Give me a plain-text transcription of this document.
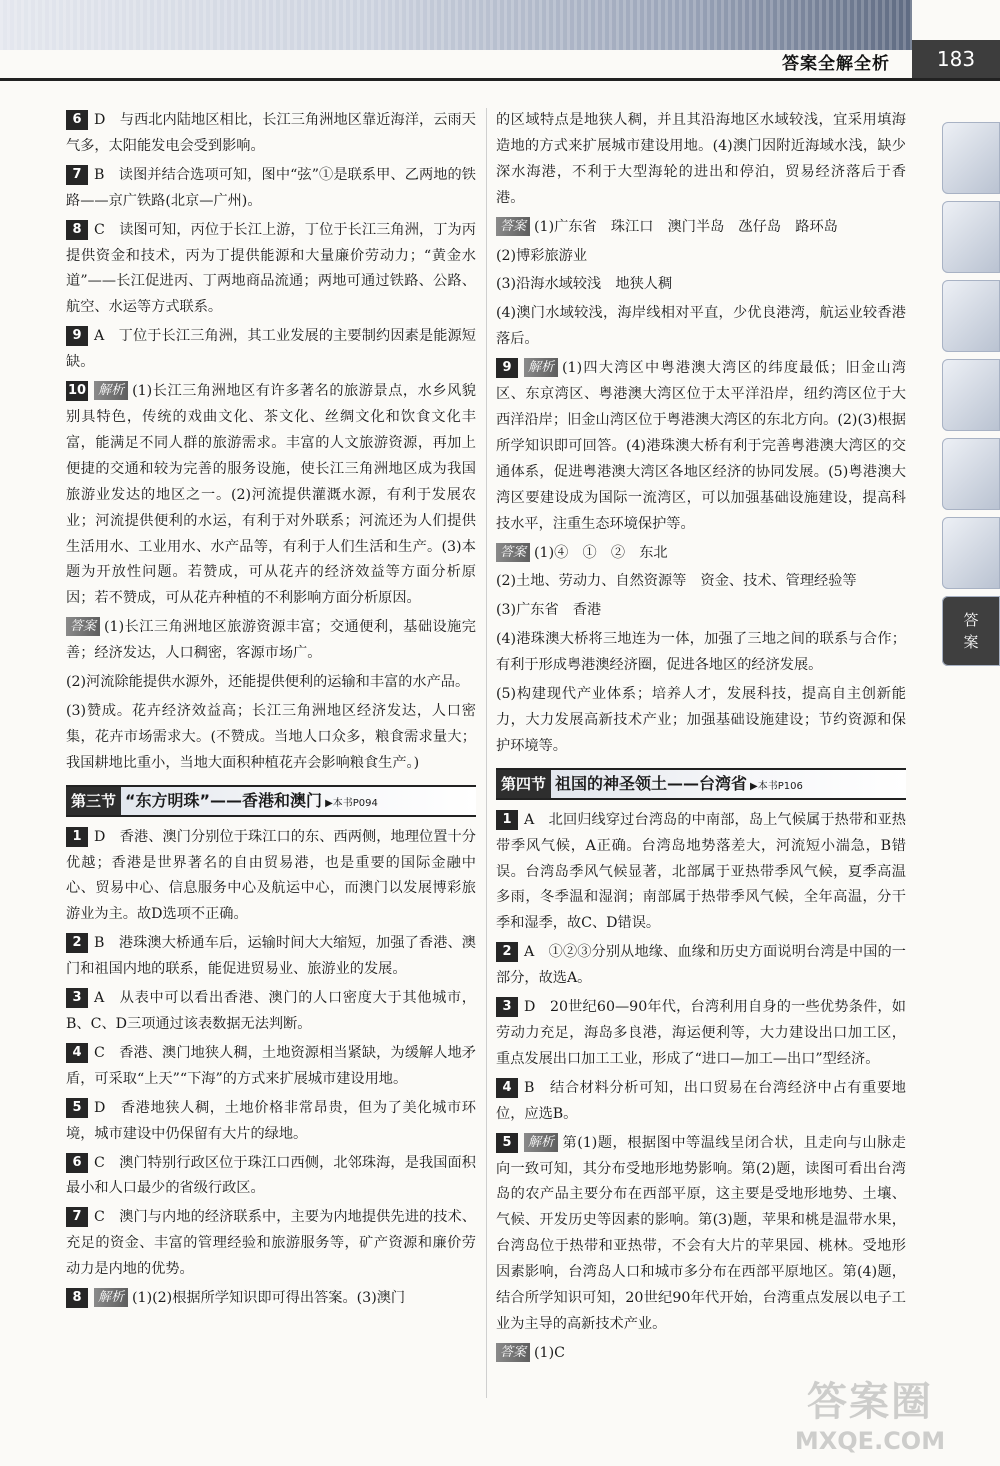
答案全解全析	183
答
案

6 D　与西北内陆地区相比，长江三角洲地区靠近海洋，云雨天气多，太阳能发电会受到影响。

7 B　读图并结合选项可知，图中“弦”①是联系甲、乙两地的铁路——京广铁路(北京—广州)。

8 C　读图可知，丙位于长江上游，丁位于长江三角洲，丁为丙提供资金和技术，丙为丁提供能源和大量廉价劳动力；“黄金水道”——长江促进丙、丁两地商品流通；两地可通过铁路、公路、航空、水运等方式联系。

9 A　丁位于长江三角洲，其工业发展的主要制约因素是能源短缺。

10 解析 (1)长江三角洲地区有许多著名的旅游景点，水乡风貌别具特色，传统的戏曲文化、茶文化、丝绸文化和饮食文化丰富，能满足不同人群的旅游需求。丰富的人文旅游资源，再加上便捷的交通和较为完善的服务设施，使长江三角洲地区成为我国旅游业发达的地区之一。(2)河流提供灌溉水源，有利于发展农业；河流提供便利的水运，有利于对外联系；河流还为人们提供生活用水、工业用水、水产品等，有利于人们生活和生产。(3)本题为开放性问题。若赞成，可从花卉的经济效益等方面分析原因；若不赞成，可从花卉种植的不利影响方面分析原因。

答案 (1)长江三角洲地区旅游资源丰富；交通便利，基础设施完善；经济发达，人口稠密，客源市场广。

(2)河流除能提供水源外，还能提供便利的运输和丰富的水产品。

(3)赞成。花卉经济效益高；长江三角洲地区经济发达，人口密集，花卉市场需求大。(不赞成。当地人口众多，粮食需求量大；我国耕地比重小，当地大面积种植花卉会影响粮食生产。)

第三节 “东方明珠”——香港和澳门 ▶本书P094

1 D　香港、澳门分别位于珠江口的东、西两侧，地理位置十分优越；香港是世界著名的自由贸易港，也是重要的国际金融中心、贸易中心、信息服务中心及航运中心，而澳门以发展博彩旅游业为主。故D选项不正确。

2 B　港珠澳大桥通车后，运输时间大大缩短，加强了香港、澳门和祖国内地的联系，能促进贸易业、旅游业的发展。

3 A　从表中可以看出香港、澳门的人口密度大于其他城市，B、C、D三项通过该表数据无法判断。

4 C　香港、澳门地狭人稠，土地资源相当紧缺，为缓解人地矛盾，可采取“上天”“下海”的方式来扩展城市建设用地。

5 D　香港地狭人稠，土地价格非常昂贵，但为了美化城市环境，城市建设中仍保留有大片的绿地。

6 C　澳门特别行政区位于珠江口西侧，北邻珠海，是我国面积最小和人口最少的省级行政区。

7 C　澳门与内地的经济联系中，主要为内地提供先进的技术、充足的资金、丰富的管理经验和旅游服务等，矿产资源和廉价劳动力是内地的优势。

8 解析 (1)(2)根据所学知识即可得出答案。(3)澳门

的区域特点是地狭人稠，并且其沿海地区水域较浅，宜采用填海造地的方式来扩展城市建设用地。(4)澳门因附近海域水浅，缺少深水海港，不利于大型海轮的进出和停泊，贸易经济落后于香港。

答案 (1)广东省　珠江口　澳门半岛　氹仔岛　路环岛

(2)博彩旅游业

(3)沿海水域较浅　地狭人稠

(4)澳门水域较浅，海岸线相对平直，少优良港湾，航运业较香港落后。

9 解析 (1)四大湾区中粤港澳大湾区的纬度最低；旧金山湾区、东京湾区、粤港澳大湾区位于太平洋沿岸，纽约湾区位于大西洋沿岸；旧金山湾区位于粤港澳大湾区的东北方向。(2)(3)根据所学知识即可回答。(4)港珠澳大桥有利于完善粤港澳大湾区的交通体系，促进粤港澳大湾区各地区经济的协同发展。(5)粤港澳大湾区要建设成为国际一流湾区，可以加强基础设施建设，提高科技水平，注重生态环境保护等。

答案 (1)④　①　②　东北

(2)土地、劳动力、自然资源等　资金、技术、管理经验等

(3)广东省　香港

(4)港珠澳大桥将三地连为一体，加强了三地之间的联系与合作；有利于形成粤港澳经济圈，促进各地区的经济发展。

(5)构建现代产业体系；培养人才，发展科技，提高自主创新能力，大力发展高新技术产业；加强基础设施建设；节约资源和保护环境等。

第四节 祖国的神圣领土——台湾省 ▶本书P106

1 A　北回归线穿过台湾岛的中南部，岛上气候属于热带和亚热带季风气候，A正确。台湾岛地势落差大，河流短小湍急，B错误。台湾岛季风气候显著，北部属于亚热带季风气候，夏季高温多雨，冬季温和湿润；南部属于热带季风气候，全年高温，分干季和湿季，故C、D错误。

2 A　①②③分别从地缘、血缘和历史方面说明台湾是中国的一部分，故选A。

3 D　20世纪60—90年代，台湾利用自身的一些优势条件，如劳动力充足，海岛多良港，海运便利等，大力建设出口加工区，重点发展出口加工工业，形成了“进口—加工—出口”型经济。

4 B　结合材料分析可知，出口贸易在台湾经济中占有重要地位，应选B。

5 解析 第(1)题，根据图中等温线呈闭合状，且走向与山脉走向一致可知，其分布受地形地势影响。第(2)题，读图可看出台湾岛的农产品主要分布在西部平原，这主要是受地形地势、土壤、气候、开发历史等因素的影响。第(3)题，苹果和桃是温带水果，台湾岛位于热带和亚热带，不会有大片的苹果园、桃林。受地形因素影响，台湾岛人口和城市多分布在西部平原地区。第(4)题，结合所学知识可知，20世纪90年代开始，台湾重点发展以电子工业为主导的高新技术产业。

答案 (1)C

答案圈
MXQE.COM
